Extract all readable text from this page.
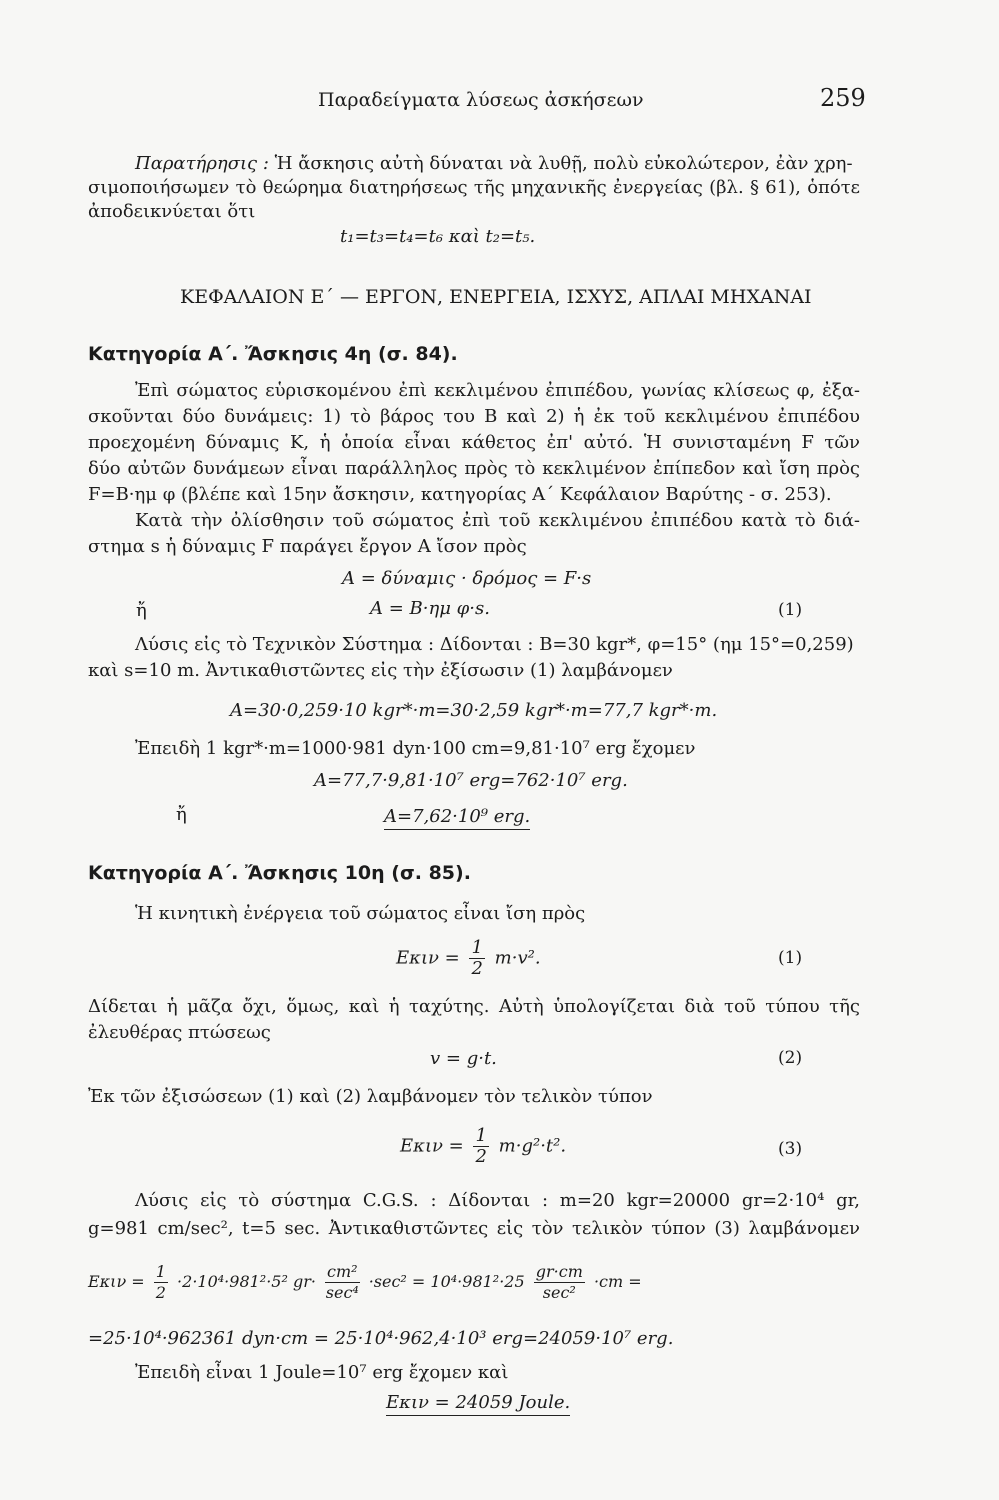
Παραδείγματα λύσεως ἀσκήσεων	259
Παρατήρησις : Ἡ ἄσκησις αὐτὴ δύναται νὰ λυθῇ, πολὺ εὐκολώτερον, ἐὰν χρη-
σιμοποιήσωμεν τὸ θεώρημα διατηρήσεως τῆς μηχανικῆς ἐνεργείας (βλ. § 61), ὁπότε
ἀποδεικνύεται ὅτι
t₁=t₃=t₄=t₆ καὶ t₂=t₅.
ΚΕΦΑΛΑΙΟΝ Ε΄ — ΕΡΓΟΝ, ΕΝΕΡΓΕΙΑ, ΙΣΧΥΣ, ΑΠΛΑΙ ΜΗΧΑΝΑΙ
Κατηγορία Α΄. Ἄσκησις 4η (σ. 84).
Ἐπὶ σώματος εὑρισκομένου ἐπὶ κεκλιμένου ἐπιπέδου, γωνίας κλίσεως φ, ἐξα-
σκοῦνται δύο δυνάμεις: 1) τὸ βάρος του B καὶ 2) ἡ ἐκ τοῦ κεκλιμένου ἐπιπέδου
προεχομένη δύναμις K, ἡ ὁποία εἶναι κάθετος ἐπ' αὐτό. Ἡ συνισταμένη F τῶν
δύο αὐτῶν δυνάμεων εἶναι παράλληλος πρὸς τὸ κεκλιμένον ἐπίπεδον καὶ ἴση πρὸς
F=B·ημ φ (βλέπε καὶ 15ην ἄσκησιν, κατηγορίας Α΄ Κεφάλαιον Βαρύτης - σ. 253).
Κατὰ τὴν ὀλίσθησιν τοῦ σώματος ἐπὶ τοῦ κεκλιμένου ἐπιπέδου κατὰ τὸ διά-
στημα s ἡ δύναμις F παράγει ἔργον A ἴσον πρὸς
A = δύναμις · δρόμος = F·s
ἤ	A = B·ημ φ·s.	(1)
Λύσις εἰς τὸ Τεχνικὸν Σύστημα : Δίδονται : B=30 kgr*, φ=15° (ημ 15°=0,259)
καὶ s=10 m. Ἀντικαθιστῶντες εἰς τὴν ἐξίσωσιν (1) λαμβάνομεν
A=30·0,259·10 kgr*·m=30·2,59 kgr*·m=77,7 kgr*·m.
Ἐπειδὴ 1 kgr*·m=1000·981 dyn·100 cm=9,81·10⁷ erg ἔχομεν
A=77,7·9,81·10⁷ erg=762·10⁷ erg.
ἤ	A=7,62·10⁹ erg.
Κατηγορία Α΄. Ἄσκησις 10η (σ. 85).
Ἡ κινητικὴ ἐνέργεια τοῦ σώματος εἶναι ἴση πρὸς
$E\kappa\iota\nu = \frac{1}{2} m\cdot v^2$.	(1)
Δίδεται ἡ μᾶζα ὄχι, ὅμως, καὶ ἡ ταχύτης. Αὐτὴ ὑπολογίζεται διὰ τοῦ τύπου τῆς
ἐλευθέρας πτώσεως
v = g·t.	(2)
Ἐκ τῶν ἐξισώσεων (1) καὶ (2) λαμβάνομεν τὸν τελικὸν τύπον
$E\kappa\iota\nu = \frac{1}{2} m\cdot g^2\cdot t^2$.	(3)
Λύσις εἰς τὸ σύστημα C.G.S. : Δίδονται : m=20 kgr=20000 gr=2·10⁴ gr,
g=981 cm/sec², t=5 sec. Ἀντικαθιστῶντες εἰς τὸν τελικὸν τύπον (3) λαμβάνομεν
$E\kappa\iota\nu = \frac{1}{2} \cdot 2\cdot 10^4\cdot 981^2\cdot 5^2$ $gr\cdot \frac{\text{cm²}}{\text{sec⁴}} \cdot\sec^2 = 10^4\cdot 981^2\cdot 25 \frac{gr\cdot cm}{\text{sec²}} \cdot cm$ =
=25·10⁴·962361 dyn·cm = 25·10⁴·962,4·10³ erg=24059·10⁷ erg.
Ἐπειδὴ εἶναι 1 Joule=10⁷ erg ἔχομεν καὶ
Eκιν = 24059 Joule.
